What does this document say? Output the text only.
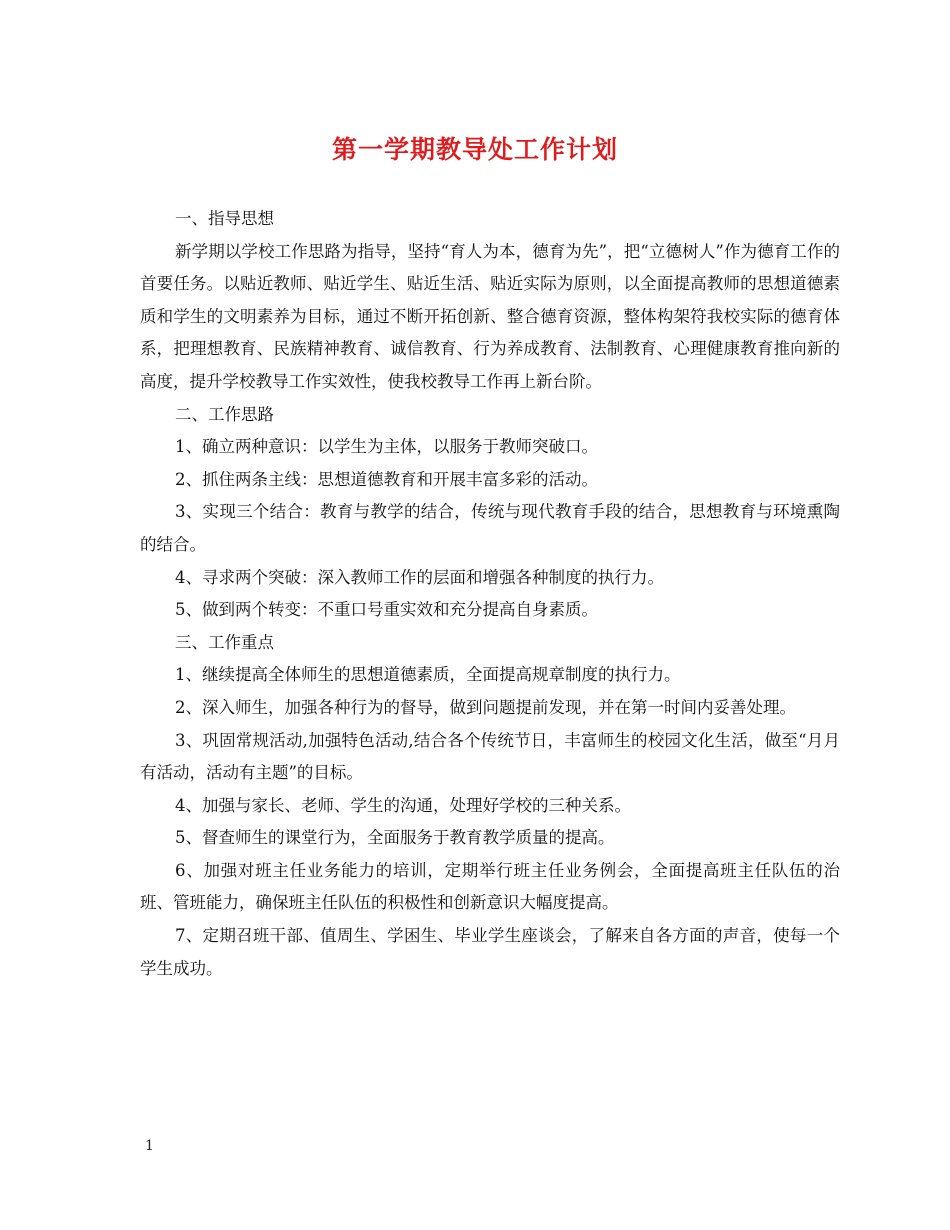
第一学期教导处工作计划

一、指导思想

新学期以学校工作思路为指导，坚持“育人为本，德育为先”，把“立德树人”作为德育工作的首要任务。以贴近教师、贴近学生、贴近生活、贴近实际为原则，以全面提高教师的思想道德素质和学生的文明素养为目标，通过不断开拓创新、整合德育资源，整体构架符我校实际的德育体系，把理想教育、民族精神教育、诚信教育、行为养成教育、法制教育、心理健康教育推向新的高度，提升学校教导工作实效性，使我校教导工作再上新台阶。

二、工作思路

1、确立两种意识：以学生为主体，以服务于教师突破口。

2、抓住两条主线：思想道德教育和开展丰富多彩的活动。

3、实现三个结合：教育与教学的结合，传统与现代教育手段的结合，思想教育与环境熏陶的结合。

4、寻求两个突破：深入教师工作的层面和增强各种制度的执行力。

5、做到两个转变：不重口号重实效和充分提高自身素质。

三、工作重点

1、继续提高全体师生的思想道德素质，全面提高规章制度的执行力。

2、深入师生，加强各种行为的督导，做到问题提前发现，并在第一时间内妥善处理。

3、巩固常规活动,加强特色活动,结合各个传统节日，丰富师生的校园文化生活，做至“月月有活动，活动有主题”的目标。

4、加强与家长、老师、学生的沟通，处理好学校的三种关系。

5、督查师生的课堂行为，全面服务于教育教学质量的提高。

6、加强对班主任业务能力的培训，定期举行班主任业务例会，全面提高班主任队伍的治班、管班能力，确保班主任队伍的积极性和创新意识大幅度提高。

7、定期召班干部、值周生、学困生、毕业学生座谈会，了解来自各方面的声音，使每一个学生成功。

1
